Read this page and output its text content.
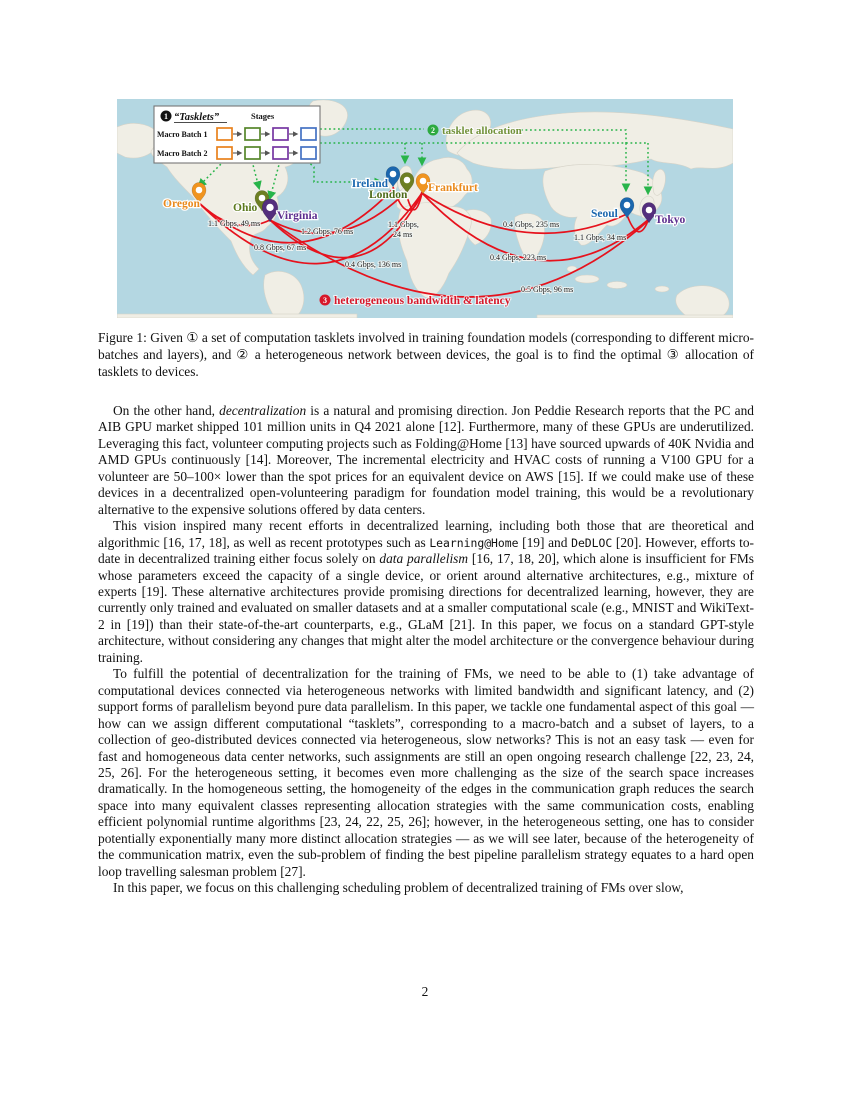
1.1 Gbps, 49 ms
1.2 Gbps, 76 ms
0.8 Gbps, 67 ms
0.4 Gbps, 136 ms
1.1 Gbps,
24 ms
0.4 Gbps, 235 ms
1.1 Gbps, 34 ms
0.4 Gbps, 223 ms
0.5 Gbps, 96 ms
2 tasklet allocation
Oregon	Ohio
Virginia
Ireland
London
Frankfurt
Seoul	Tokyo
1 “Tasklets”	Stages
Macro Batch 1
Macro Batch 2
3 heterogeneous bandwidth & latency
Figure 1: Given ① a set of computation tasklets involved in training foundation models (corresponding to different micro-batches and layers), and ② a heterogeneous network between devices, the goal is to find the optimal ③ allocation of tasklets to devices.

On the other hand, decentralization is a natural and promising direction. Jon Peddie Research reports that the PC and AIB GPU market shipped 101 million units in Q4 2021 alone [12]. Furthermore, many of these GPUs are underutilized. Leveraging this fact, volunteer computing projects such as Folding@Home [13] have sourced upwards of 40K Nvidia and AMD GPUs continuously [14]. Moreover, The incremental electricity and HVAC costs of running a V100 GPU for a volunteer are 50–100× lower than the spot prices for an equivalent device on AWS [15]. If we could make use of these devices in a decentralized open-volunteering paradigm for foundation model training, this would be a revolutionary alternative to the expensive solutions offered by data centers.

This vision inspired many recent efforts in decentralized learning, including both those that are theoretical and algorithmic [16, 17, 18], as well as recent prototypes such as Learning@Home [19] and DeDLOC [20]. However, efforts to-date in decentralized training either focus solely on data parallelism [16, 17, 18, 20], which alone is insufficient for FMs whose parameters exceed the capacity of a single device, or orient around alternative architectures, e.g., mixture of experts [19]. These alternative architectures provide promising directions for decentralized learning, however, they are currently only trained and evaluated on smaller datasets and at a smaller computational scale (e.g., MNIST and WikiText-2 in [19]) than their state-of-the-art counterparts, e.g., GLaM [21]. In this paper, we focus on a standard GPT-style architecture, without considering any changes that might alter the model architecture or the convergence behaviour during training.

To fulfill the potential of decentralization for the training of FMs, we need to be able to (1) take advantage of computational devices connected via heterogeneous networks with limited bandwidth and significant latency, and (2) support forms of parallelism beyond pure data parallelism. In this paper, we tackle one fundamental aspect of this goal — how can we assign different computational “tasklets”, corresponding to a macro-batch and a subset of layers, to a collection of geo-distributed devices connected via heterogeneous, slow networks? This is not an easy task — even for fast and homogeneous data center networks, such assignments are still an open ongoing research challenge [22, 23, 24, 25, 26]. For the heterogeneous setting, it becomes even more challenging as the size of the search space increases dramatically. In the homogeneous setting, the homogeneity of the edges in the communication graph reduces the search space into many equivalent classes representing allocation strategies with the same communication costs, enabling efficient polynomial runtime algorithms [23, 24, 22, 25, 26]; however, in the heterogeneous setting, one has to consider potentially exponentially many more distinct allocation strategies — as we will see later, because of the heterogeneity of the communication matrix, even the sub-problem of finding the best pipeline parallelism strategy equates to a hard open loop travelling salesman problem [27].

In this paper, we focus on this challenging scheduling problem of decentralized training of FMs over slow,

2
